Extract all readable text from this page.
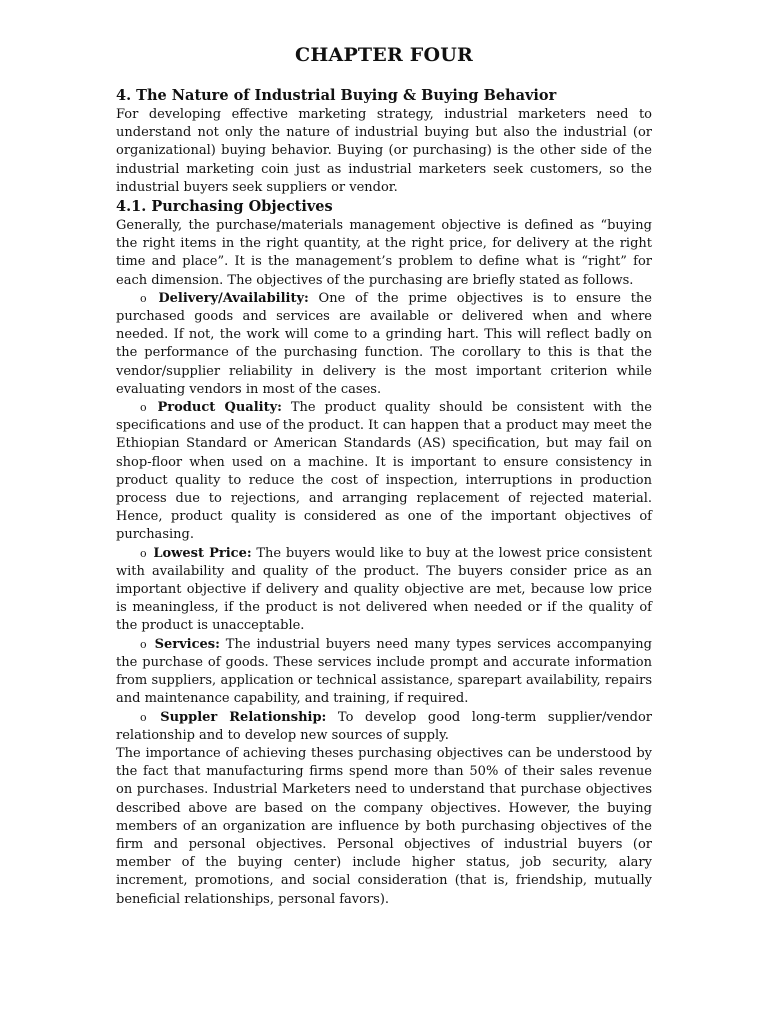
CHAPTER FOUR
4. The Nature of Industrial Buying & Buying Behavior

For developing effective marketing strategy, industrial marketers need to understand not only the nature of industrial buying but also the industrial (or organizational) buying behavior. Buying (or purchasing) is the other side of the industrial marketing coin just as industrial marketers seek customers, so the industrial buyers seek suppliers or vendor.

4.1. Purchasing Objectives

Generally, the purchase/materials management objective is defined as “buying the right items in the right quantity, at the right price, for delivery at the right time and place”. It is the management’s problem to define what is “right” for each dimension. The objectives of the purchasing are briefly stated as follows.

o Delivery/Availability: One of the prime objectives is to ensure the purchased goods and services are available or delivered when and where needed. If not, the work will come to a grinding hart. This will reflect badly on the performance of the purchasing function. The corollary to this is that the vendor/supplier reliability in delivery is the most important criterion while evaluating vendors in most of the cases.

o Product Quality: The product quality should be consistent with the specifications and use of the product. It can happen that a product may meet the Ethiopian Standard or American Standards (AS) specification, but may fail on shop-floor when used on a machine. It is important to ensure consistency in product quality to reduce the cost of inspection, interruptions in production process due to rejections, and arranging replacement of rejected material. Hence, product quality is considered as one of the important objectives of purchasing.

o Lowest Price: The buyers would like to buy at the lowest price consistent with availability and quality of the product. The buyers consider price as an important objective if delivery and quality objective are met, because low price is meaningless, if the product is not delivered when needed or if the quality of the product is unacceptable.

o Services: The industrial buyers need many types services accompanying the purchase of goods. These services include prompt and accurate information from suppliers, application or technical assistance, sparepart availability, repairs and maintenance capability, and training, if required.

o Suppler Relationship: To develop good long-term supplier/vendor relationship and to develop new sources of supply.

The importance of achieving theses purchasing objectives can be understood by the fact that manufacturing firms spend more than 50% of their sales revenue on purchases. Industrial Marketers need to understand that purchase objectives described above are based on the company objectives. However, the buying members of an organization are influence by both purchasing objectives of the firm and personal objectives. Personal objectives of industrial buyers (or member of the buying center) include higher status, job security, alary increment, promotions, and social consideration (that is, friendship, mutually beneficial relationships, personal favors).
